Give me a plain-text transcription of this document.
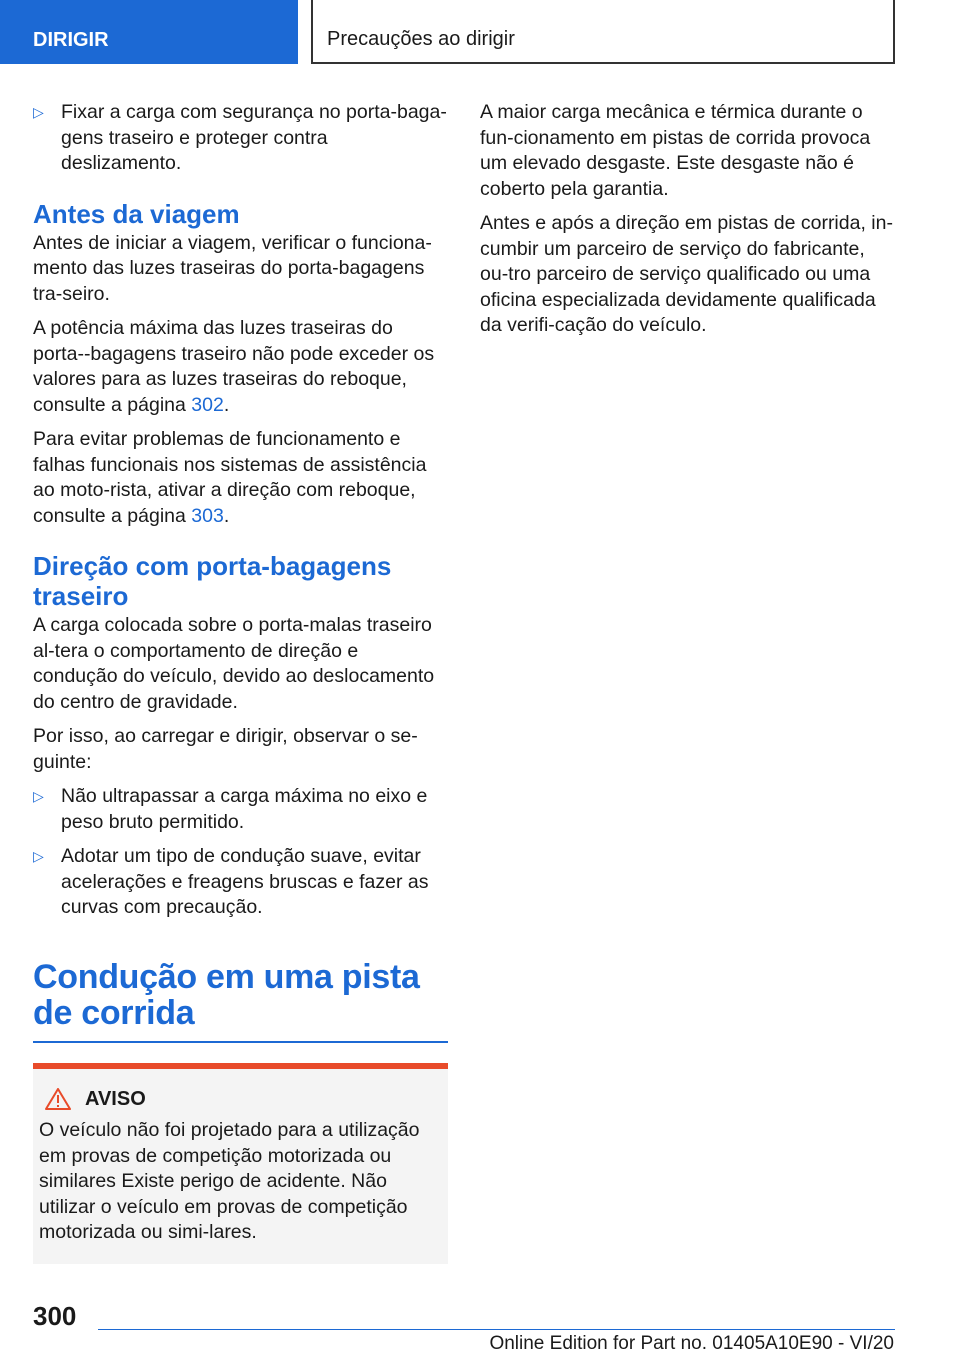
DIRIGIR	Precauções ao dirigir
▷ Fixar a carga com segurança no porta-baga-gens traseiro e proteger contra deslizamento.
Antes da viagem

Antes de iniciar a viagem, verificar o funciona-mento das luzes traseiras do porta-bagagens tra-seiro.

A potência máxima das luzes traseiras do porta--bagagens traseiro não pode exceder os valores para as luzes traseiras do reboque, consulte a página 302.

Para evitar problemas de funcionamento e falhas funcionais nos sistemas de assistência ao moto-rista, ativar a direção com reboque, consulte a página 303.

Direção com porta-bagagens traseiro

A carga colocada sobre o porta-malas traseiro al-tera o comportamento de direção e condução do veículo, devido ao deslocamento do centro de gravidade.

Por isso, ao carregar e dirigir, observar o se-guinte:

▷ Não ultrapassar a carga máxima no eixo e peso bruto permitido.
▷ Adotar um tipo de condução suave, evitar acelerações e freagens bruscas e fazer as curvas com precaução.
Condução em uma pista de corrida
AVISO
O veículo não foi projetado para a utilização em provas de competição motorizada ou similares Existe perigo de acidente. Não utilizar o veículo em provas de competição motorizada ou simi-lares.

A maior carga mecânica e térmica durante o fun-cionamento em pistas de corrida provoca um elevado desgaste. Este desgaste não é coberto pela garantia.

Antes e após a direção em pistas de corrida, in-cumbir um parceiro de serviço do fabricante, ou-tro parceiro de serviço qualificado ou uma oficina especializada devidamente qualificada da verifi-cação do veículo.

300
Online Edition for Part no. 01405A10E90 - VI/20
